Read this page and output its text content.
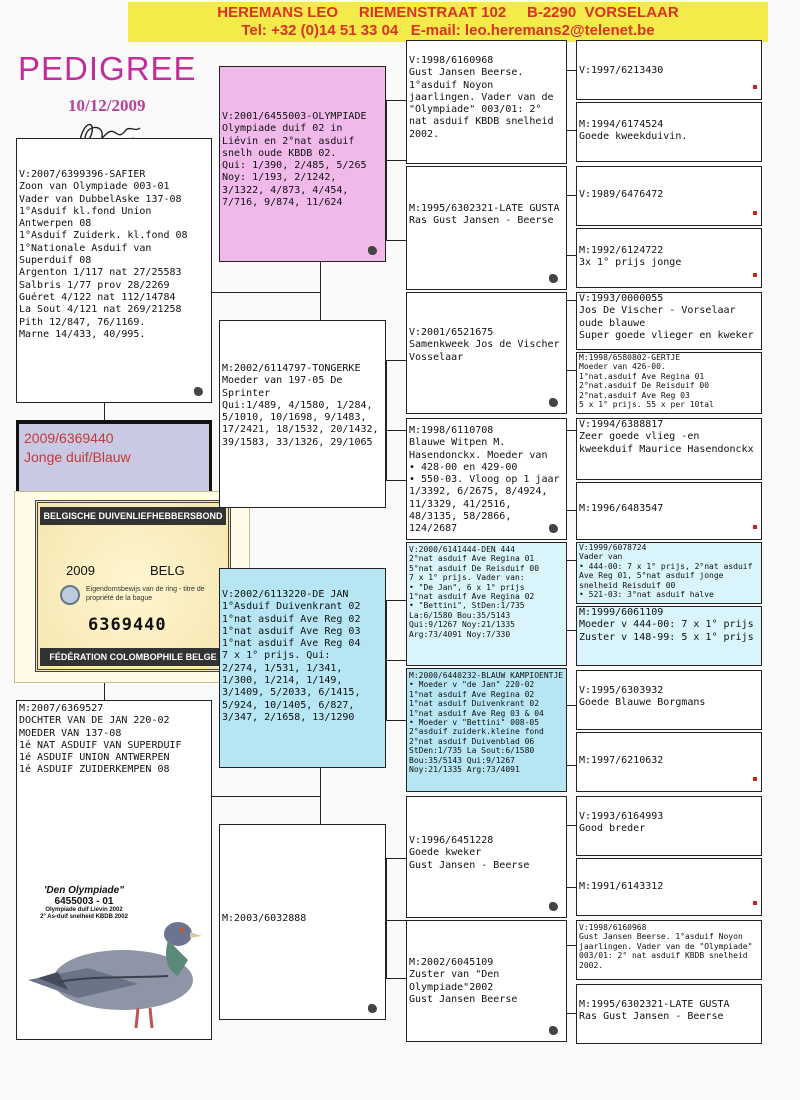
HEREMANS LEO     RIEMENSTRAAT 102     B-2290  VORSELAAR
Tel: +32 (0)14 51 33 04   E-mail: leo.heremans2@telenet.be
PEDIGREE
10/12/2009
V:2007/6399396-SAFIER
Zoon van Olympiade 003-01
Vader van DubbelAske 137-08
1°Asduif kl.fond Union Antwerpen 08
1°Asduif Zuiderk. kl.fond 08
1°Nationale Asduif van Superduif 08
Argenton 1/117 nat 27/25583
Salbris 1/77 prov 28/2269
Guéret 4/122 nat 112/14784
La Sout 4/121 nat 269/21258
Pith 12/847, 76/1169.
Marne 14/433, 40/995.
2009/6369440
Jonge duif/Blauw
BELGISCHE DUIVENLIEFHEBBERSBOND
2009	BELG
Eigendomsbewijs van de ring - titre de propriété de la bague
6369440
FÉDÉRATION COLOMBOPHILE BELGE
M:2007/6369527
DOCHTER VAN DE JAN 220-02
MOEDER VAN 137-08
1é NAT ASDUIF VAN SUPERDUIF
1é ASDUIF UNION ANTWERPEN
1é ASDUIF ZUIDERKEMPEN 08
'Den Olympiade"
6455003 - 01
Olympiade duif Lievin 2002
2° As-duif snelheid KBDB 2002
V:2001/6455003-OLYMPIADE
Olympiade duif 02 in Liévin en 2°nat asduif snelh oude KBDB 02.
Qui: 1/390, 2/485, 5/265
Noy: 1/193, 2/1242, 3/1322, 4/873, 4/454, 7/716, 9/874, 11/624
M:2002/6114797-TONGERKE
Moeder van 197-05 De Sprinter
Qui:1/489, 4/1580, 1/284, 5/1010, 10/1698, 9/1483, 17/2421, 18/1532, 20/1432, 39/1583, 33/1326, 29/1065
V:2002/6113220-DE JAN
1°Asduif Duivenkrant 02
1°nat asduif Ave Reg 02
1°nat asduif Ave Reg 03
1°nat asduif Ave Reg 04
7 x 1° prijs. Qui:
2/274, 1/531, 1/341, 1/300, 1/214, 1/149, 3/1409, 5/2033, 6/1415, 5/924, 10/1405, 6/827, 3/347, 2/1658, 13/1290
M:2003/6032888
V:1998/6160968
Gust Jansen Beerse.
1°asduif Noyon jaarlingen. Vader van de "Olympiade" 003/01: 2° nat asduif KBDB snelheid 2002.
M:1995/6302321-LATE GUSTA
Ras Gust Jansen - Beerse
V:2001/6521675
Samenkweek Jos de Vischer
Vosselaar
M:1998/6110708
Blauwe Witpen M. Hasendonckx. Moeder van
• 428-00 en 429-00
• 550-03. Vloog op 1 jaar 1/3392, 6/2675, 8/4924, 11/3329, 41/2516, 48/3135, 58/2866, 124/2687
V:2000/6141444-DEN 444
2°nat asduif Ave Regina 01
5°nat asduif De Reisduif 00
7 x 1° prijs. Vader van:
• "De Jan", 6 x 1° prijs
1°nat asduif Ave Regina 02
• "Bettini", StDen:1/735
La:6/1580 Bou:35/5143
Qui:9/1267 Noy:21/1335
Arg:73/4091 Noy:7/330
M:2000/6440232-BLAUW KAMPIOENTJE
• Moeder v "de Jan" 220-02
1°nat asduif Ave Regina 02
1°nat asduif Duivenkrant 02
1°nat asduif Ave Reg 03 & 04
• Moeder v "Bettini" 008-05
2°asduif zuiderk.kleine fond
2°nat asduif Duivenblad 06
StDen:1/735 La Sout:6/1580
Bou:35/5143 Qui:9/1267
Noy:21/1335 Arg:73/4091
V:1996/6451228
Goede kweker
Gust Jansen - Beerse
M:2002/6045109
Zuster van "Den Olympiade"2002
Gust Jansen Beerse
V:1997/6213430
M:1994/6174524
Goede kweekduivin.
V:1989/6476472
M:1992/6124722
3x 1° prijs jonge
V:1993/0000055
Jos De Vischer - Vorselaar oude blauwe
Super goede vlieger en kweker
M:1998/6580802-GERTJE
Moeder van 426-00.
1°nat.asduif Ave Regina 01
2°nat.asduif De Reisduif 00
2°nat.asduif Ave Reg 03
5 x 1° prijs. 55 x per 10tal
V:1994/6388817
Zeer goede vlieg -en kweekduif Maurice Hasendonckx
M:1996/6483547
V:1999/6078724
Vader van
• 444-00: 7 x 1° prijs, 2°nat asduif Ave Reg 01, 5°nat asduif jonge snelheid Reisduif 00
• 521-03: 3°nat asduif halve
M:1999/6061109
Moeder v 444-00: 7 x 1° prijs
Zuster v 148-99: 5 x 1° prijs
V:1995/6303932
Goede Blauwe Borgmans
M:1997/6210632
V:1993/6164993
Good breder
M:1991/6143312
V:1998/6160968
Gust Jansen Beerse. 1°asduif Noyon jaarlingen. Vader van de "Olympiade" 003/01: 2° nat asduif KBDB snelheid 2002.
M:1995/6302321-LATE GUSTA
Ras Gust Jansen - Beerse
